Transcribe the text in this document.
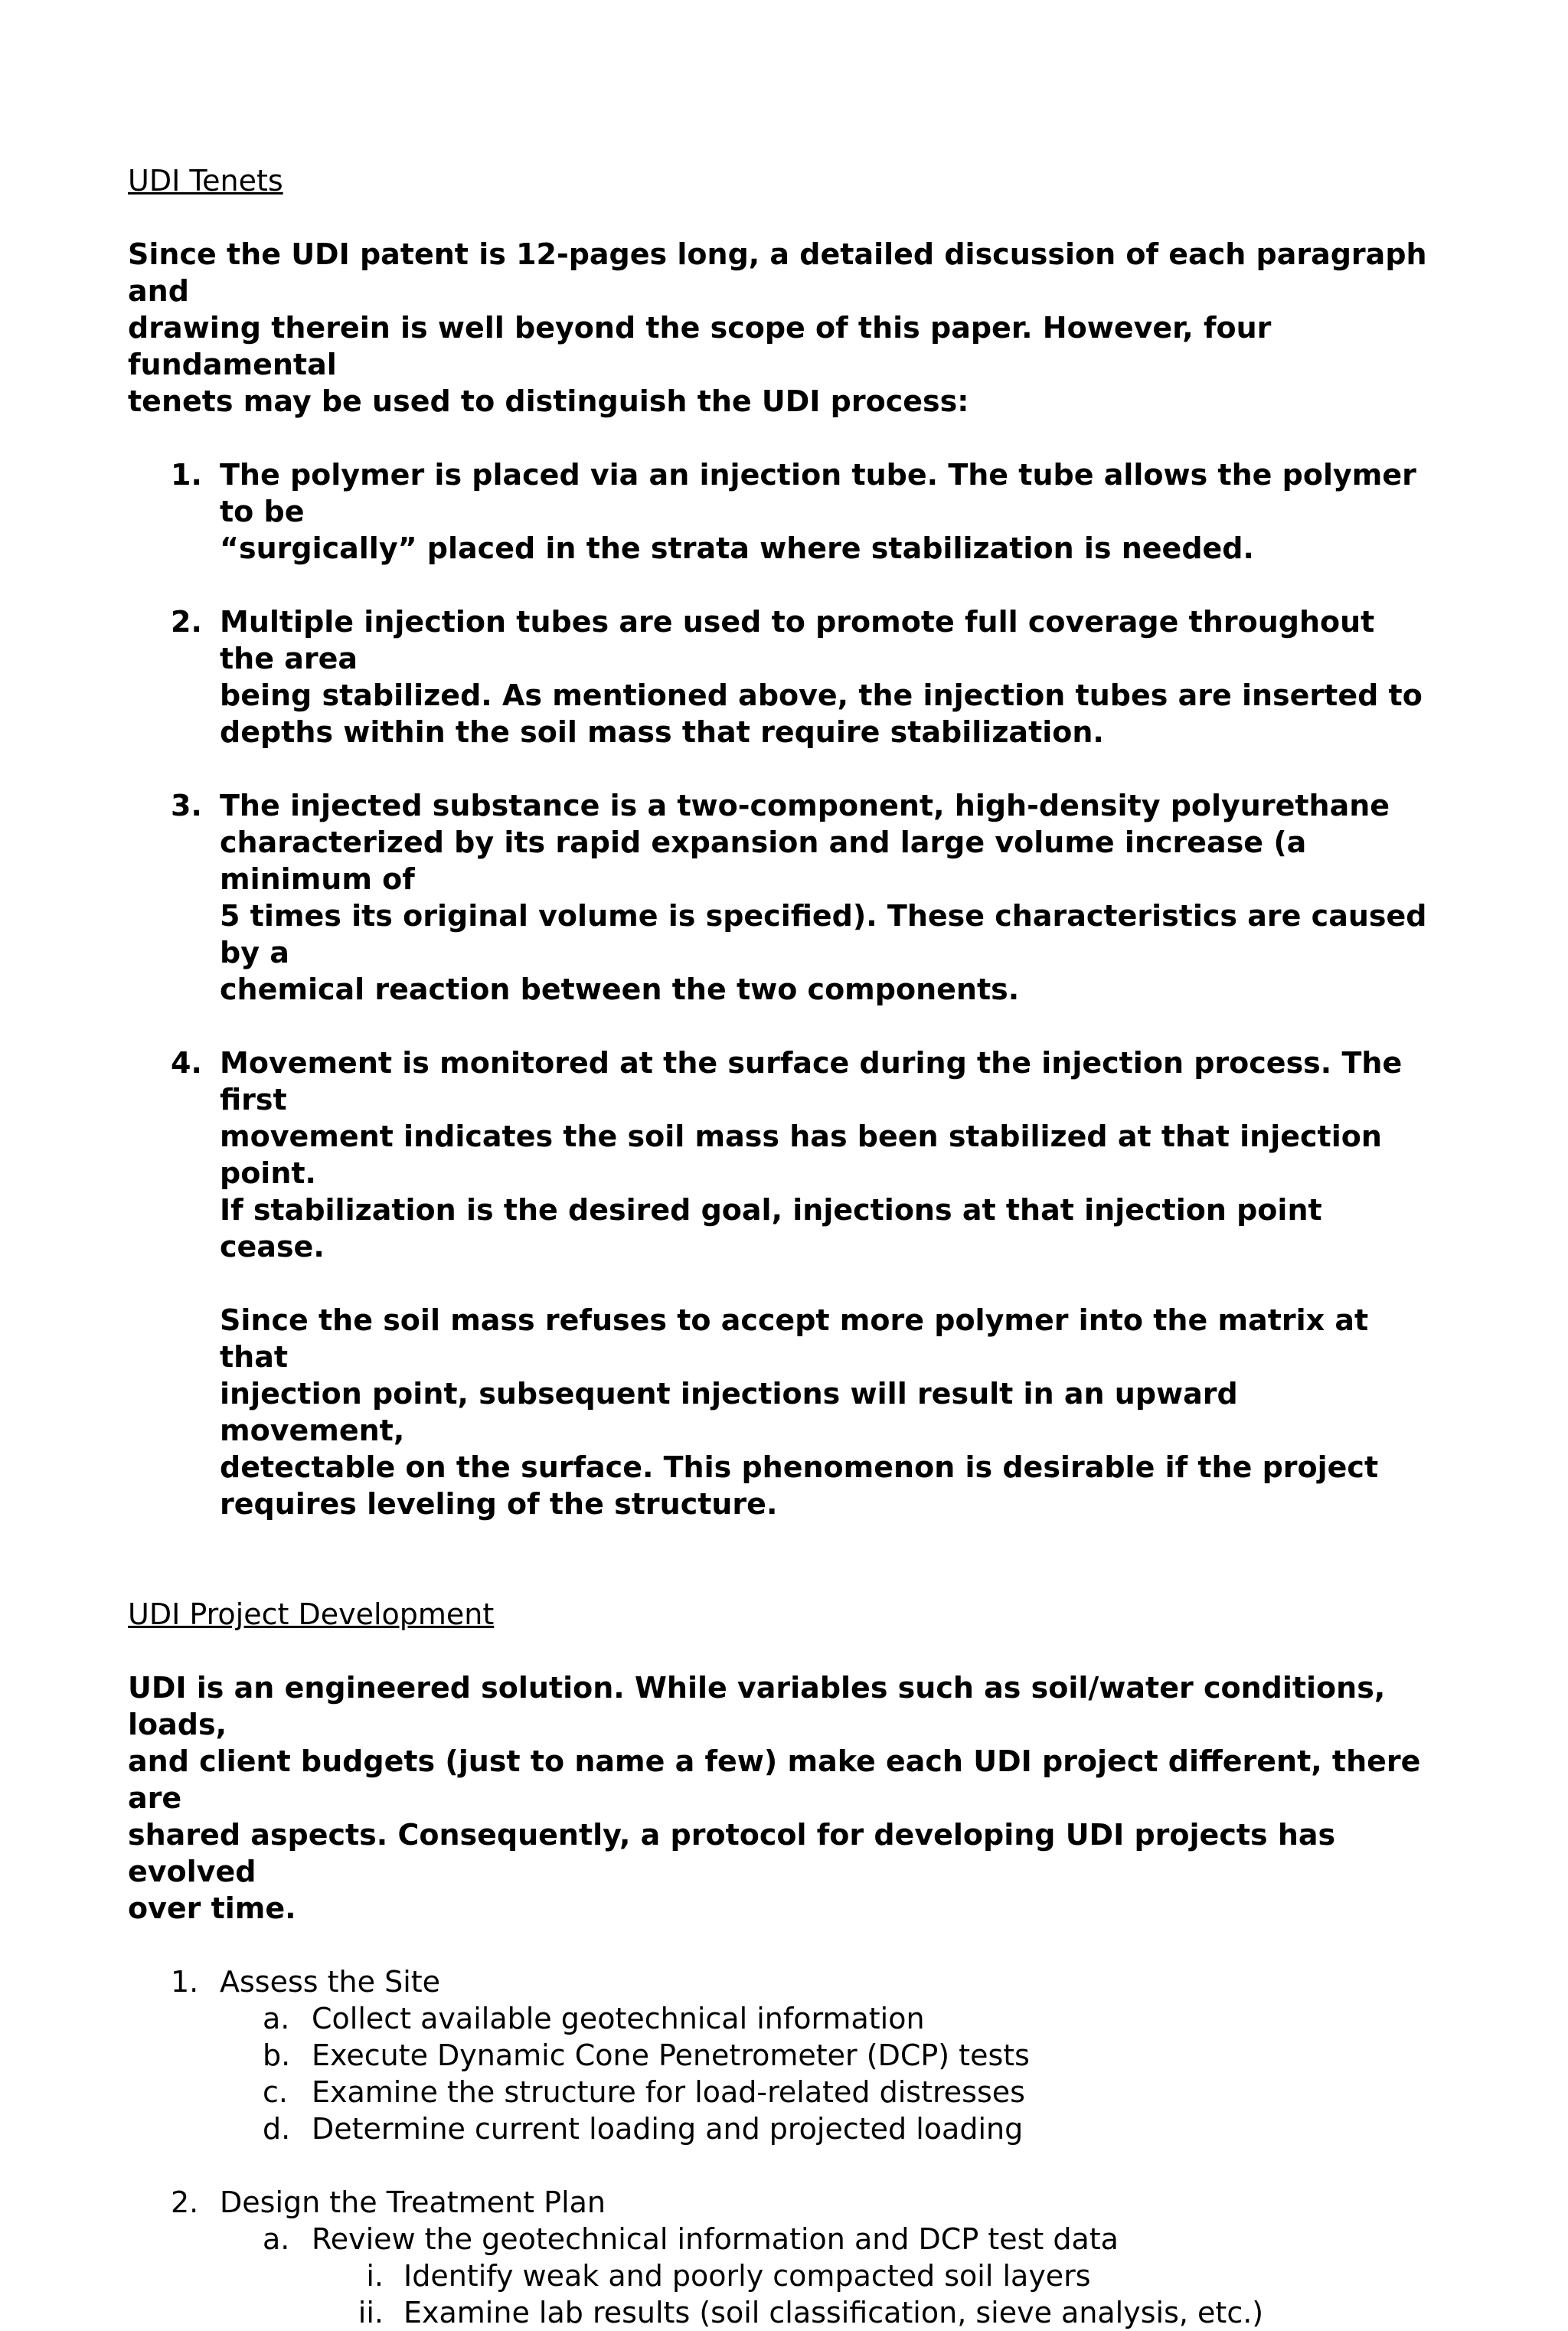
UDI Tenets
Since the UDI patent is 12-pages long, a detailed discussion of each paragraph and
drawing therein is well beyond the scope of this paper. However, four fundamental
tenets may be used to distinguish the UDI process:
1. The polymer is placed via an injection tube. The tube allows the polymer to be
“surgically” placed in the strata where stabilization is needed.
2. Multiple injection tubes are used to promote full coverage throughout the area
being stabilized. As mentioned above, the injection tubes are inserted to
depths within the soil mass that require stabilization.
3. The injected substance is a two-component, high-density polyurethane
characterized by its rapid expansion and large volume increase (a minimum of
5 times its original volume is specified). These characteristics are caused by a
chemical reaction between the two components.
4. Movement is monitored at the surface during the injection process. The first
movement indicates the soil mass has been stabilized at that injection point.
If stabilization is the desired goal, injections at that injection point cease.
Since the soil mass refuses to accept more polymer into the matrix at that
injection point, subsequent injections will result in an upward movement,
detectable on the surface. This phenomenon is desirable if the project
requires leveling of the structure.
UDI Project Development
UDI is an engineered solution. While variables such as soil/water conditions, loads,
and client budgets (just to name a few) make each UDI project different, there are
shared aspects. Consequently, a protocol for developing UDI projects has evolved
over time.
1. Assess the Site
a. Collect available geotechnical information
b. Execute Dynamic Cone Penetrometer (DCP) tests
c. Examine the structure for load-related distresses
d. Determine current loading and projected loading
2. Design the Treatment Plan
a. Review the geotechnical information and DCP test data
i. Identify weak and poorly compacted soil layers
ii. Examine lab results (soil classification, sieve analysis, etc.)
